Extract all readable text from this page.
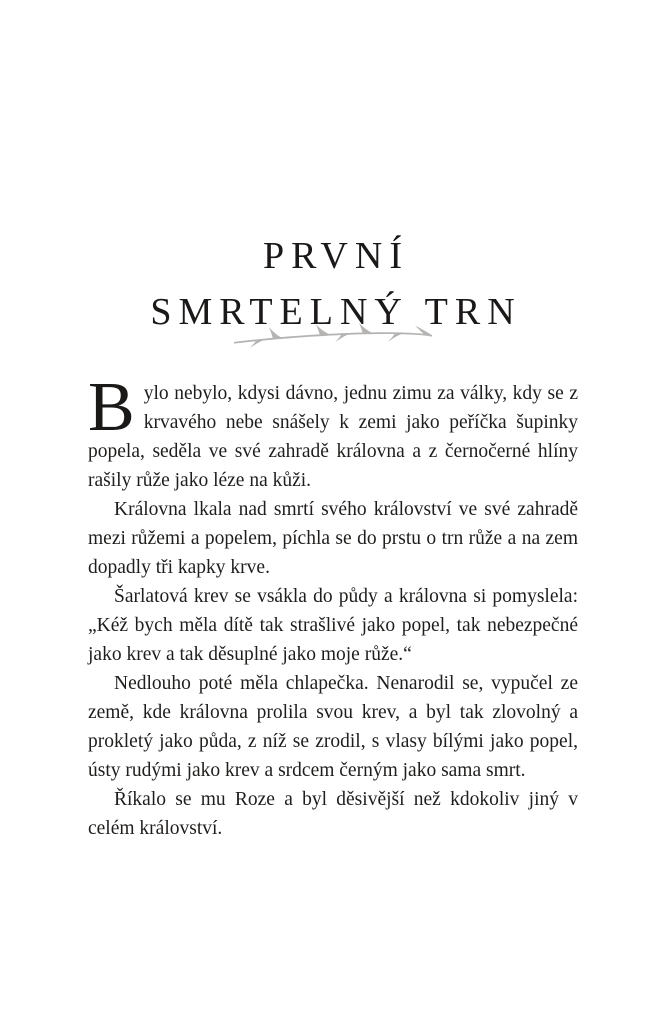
PRVNÍ
SMRTELNÝ TRN

Bylo nebylo, kdysi dávno, jednu zimu za války, kdy se z krvavého nebe snášely k zemi jako peříčka šupinky popela, seděla ve své zahradě královna a z černočerné hlíny rašily růže jako léze na kůži.

Královna lkala nad smrtí svého království ve své zahradě mezi růžemi a popelem, píchla se do prstu o trn růže a na zem dopadly tři kapky krve.

Šarlatová krev se vsákla do půdy a královna si pomyslela: „Kéž bych měla dítě tak strašlivé jako popel, tak nebezpečné jako krev a tak děsuplné jako moje růže.“

Nedlouho poté měla chlapečka. Nenarodil se, vypučel ze země, kde královna prolila svou krev, a byl tak zlovolný a prokletý jako půda, z níž se zrodil, s vlasy bílými jako popel, ústy rudými jako krev a srdcem černým jako sama smrt.

Říkalo se mu Roze a byl děsivější než kdokoliv jiný v celém království.
